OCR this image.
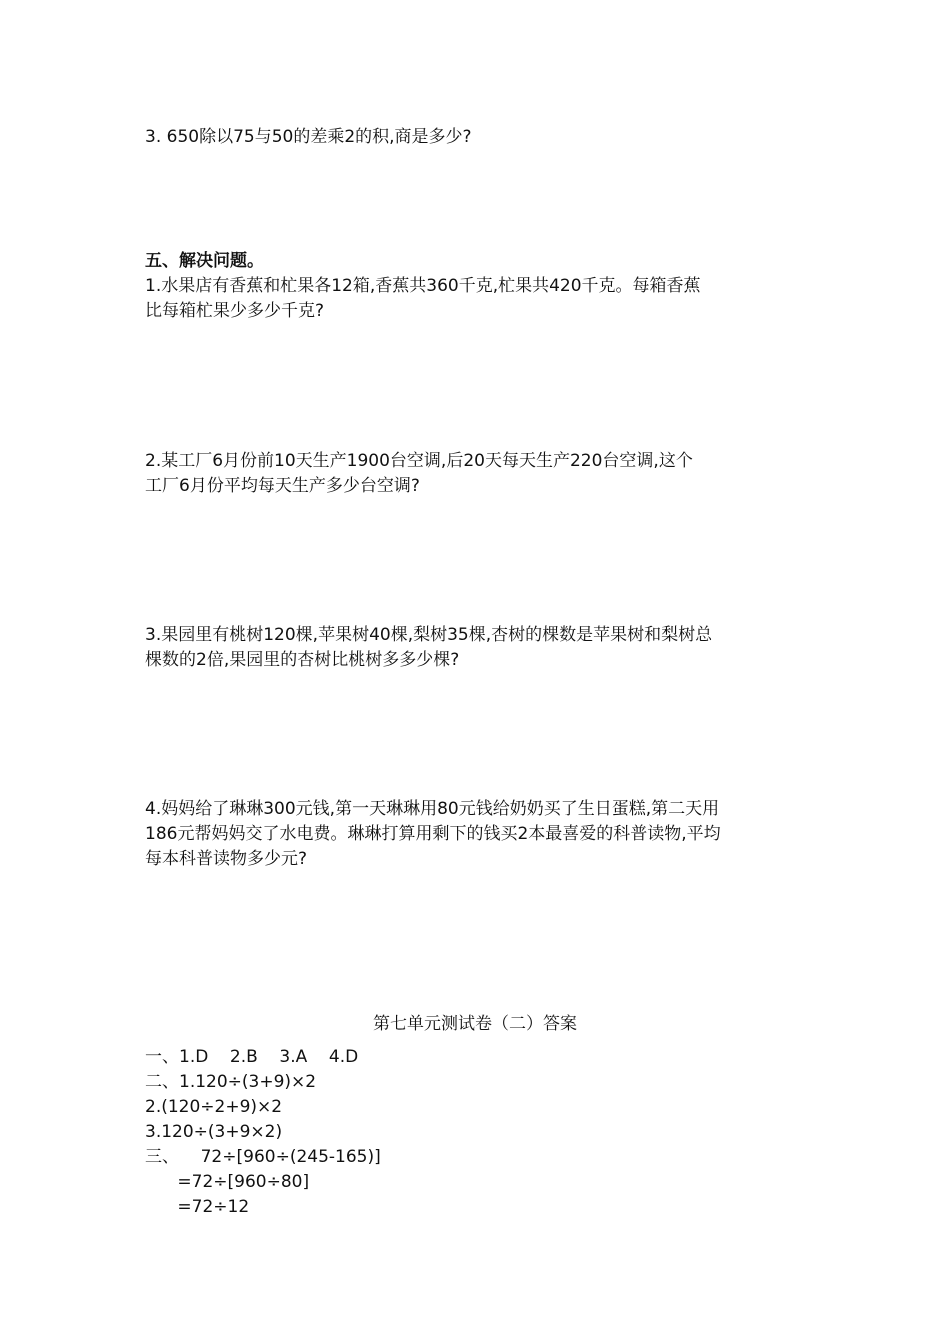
3. 650除以75与50的差乘2的积,商是多少?
五、解决问题。
1.水果店有香蕉和杧果各12箱,香蕉共360千克,杧果共420千克。每箱香蕉
比每箱杧果少多少千克?
2.某工厂6月份前10天生产1900台空调,后20天每天生产220台空调,这个
工厂6月份平均每天生产多少台空调?
3.果园里有桃树120棵,苹果树40棵,梨树35棵,杏树的棵数是苹果树和梨树总
棵数的2倍,果园里的杏树比桃树多多少棵?
4.妈妈给了琳琳300元钱,第一天琳琳用80元钱给奶奶买了生日蛋糕,第二天用
186元帮妈妈交了水电费。琳琳打算用剩下的钱买2本最喜爱的科普读物,平均
每本科普读物多少元?
第七单元测试卷（二）答案
一、1.D    2.B    3.A    4.D
二、1.120÷(3+9)×2
2.(120÷2+9)×2
3.120÷(3+9×2)
三、    72÷[960÷(245-165)]
=72÷[960÷80]
=72÷12
